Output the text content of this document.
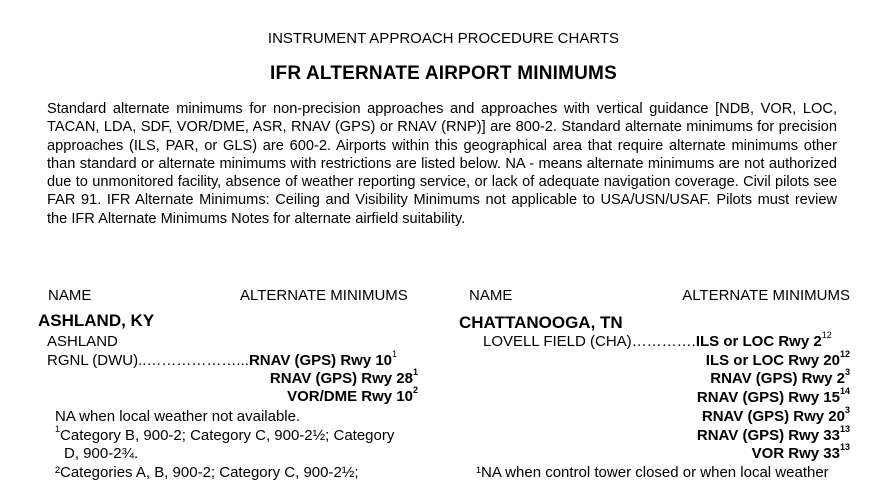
INSTRUMENT APPROACH PROCEDURE CHARTS
IFR ALTERNATE AIRPORT MINIMUMS
Standard alternate minimums for non-precision approaches and approaches with vertical guidance [NDB, VOR, LOC, TACAN, LDA, SDF, VOR/DME, ASR, RNAV (GPS) or RNAV (RNP)] are 800-2. Standard alternate minimums for precision approaches (ILS, PAR, or GLS) are 600-2. Airports within this geographical area that require alternate minimums other than standard or alternate minimums with restrictions are listed below. NA - means alternate minimums are not authorized due to unmonitored facility, absence of weather reporting service, or lack of adequate navigation coverage. Civil pilots see FAR 91. IFR Alternate Minimums: Ceiling and Visibility Minimums not applicable to USA/USN/USAF. Pilots must review the IFR Alternate Minimums Notes for alternate airfield suitability.
NAME	ALTERNATE MINIMUMS	NAME	ALTERNATE MINIMUMS
ASHLAND, KY
ASHLAND
RGNL (DWU)..………………...RNAV (GPS) Rwy $10^1$
RNAV (GPS) Rwy $28^1$
VOR/DME Rwy $10^2$
NA when local weather not available.
$^1$Category B, 900-2; Category C, 900-2½; Category
D, 900-2¾.
²Categories A, B, 900-2; Category C, 900-2½;
CHATTANOOGA, TN
LOVELL FIELD (CHA)………….ILS or LOC Rwy $2^{12}$
ILS or LOC Rwy $20^{12}$
RNAV (GPS) Rwy $2^3$
RNAV (GPS) Rwy $15^{14}$
RNAV (GPS) Rwy $20^3$
RNAV (GPS) Rwy $33^{13}$
VOR Rwy $33^{13}$
¹NA when control tower closed or when local weather
